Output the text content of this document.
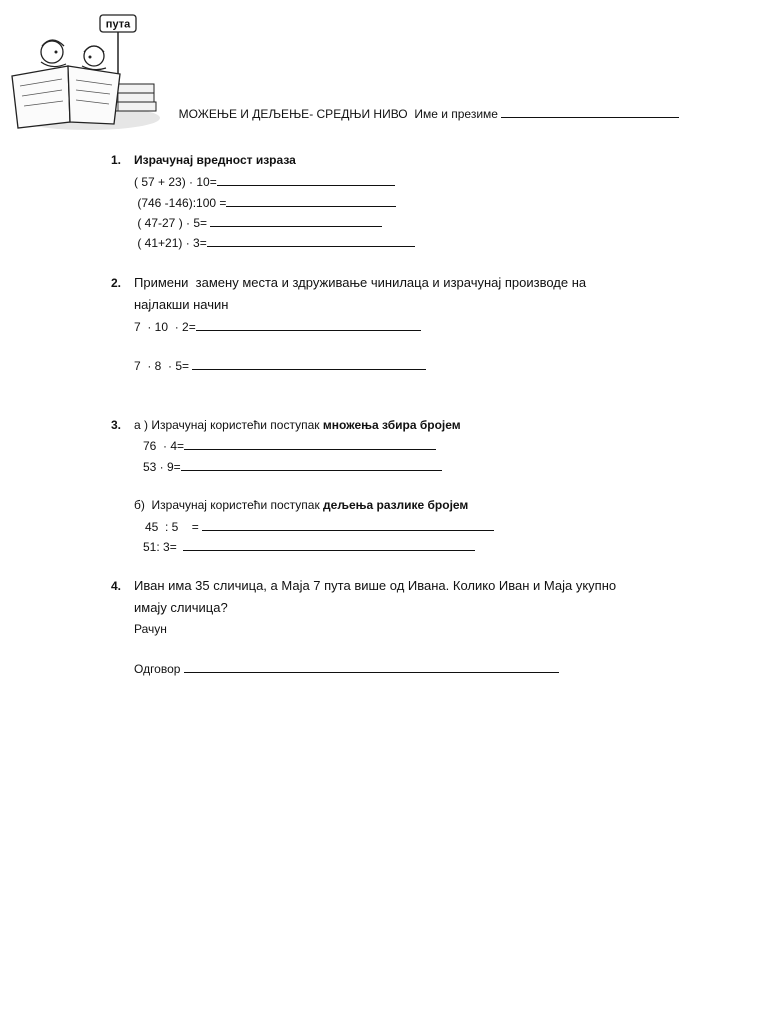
пута

МОЖЕЊЕ И ДЕЉЕЊЕ- СРЕДЊИ НИВО Име и презиме

1. Израчунај вредност израза
( 57 + 23) · 10=
(746 -146):100 =
( 47-27 ) · 5=
( 41+21) · 3=
2. Примени  замену места и здруживање чинилаца и израчунај производе на
најлакши начин
7  · 10  · 2=
7  · 8  · 5=
3. а ) Израчунај користећи поступак множења збира бројем
76  · 4=
53 · 9=
б)  Израчунај користећи поступак дељења разлике бројем
45  : 5    =
51: 3=
4. Иван има 35 сличица, а Маја 7 пута више од Ивана. Колико Иван и Маја укупно
имају сличица?
Рачун
Одговор
